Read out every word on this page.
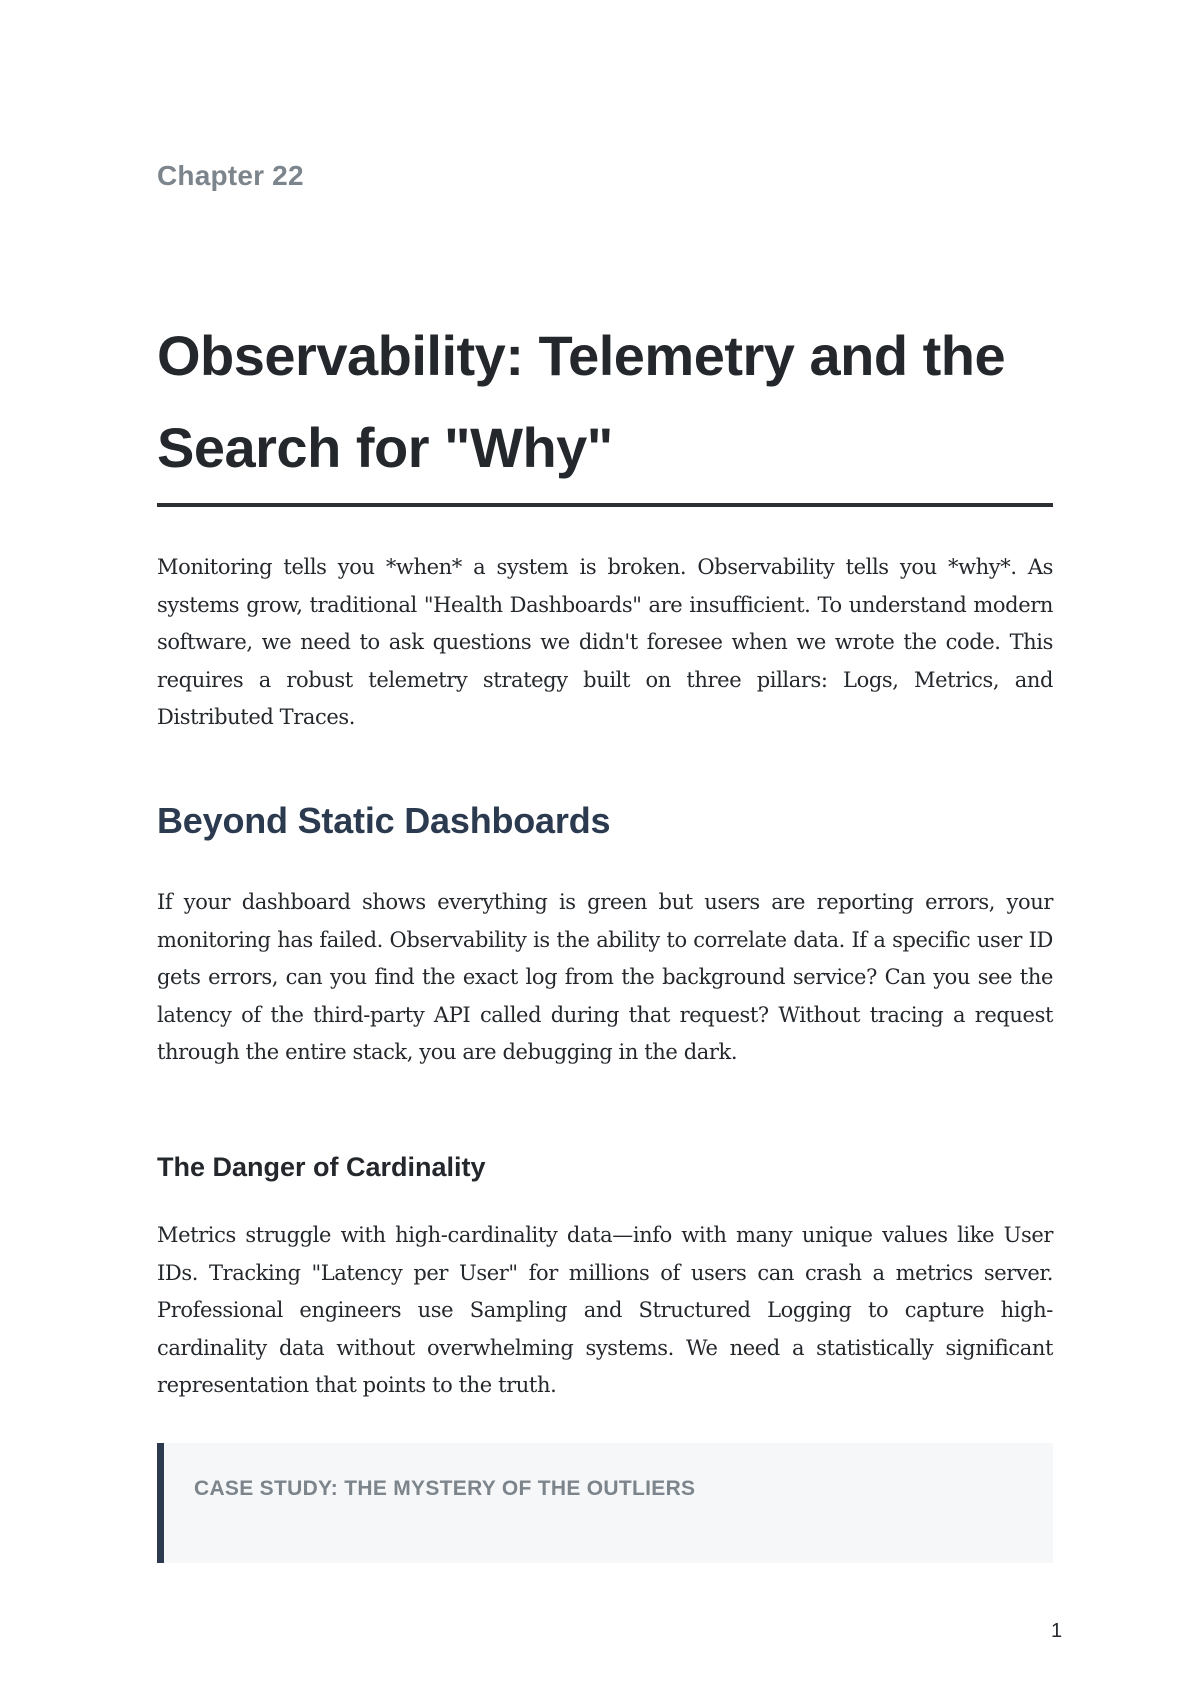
Chapter 22
Observability: Telemetry and the Search for "Why"

Monitoring tells you *when* a system is broken. Observability tells you *why*. As systems grow, traditional "Health Dashboards" are insufficient. To understand modern software, we need to ask questions we didn't foresee when we wrote the code. This requires a robust telemetry strategy built on three pillars: Logs, Metrics, and Distributed Traces.

Beyond Static Dashboards

If your dashboard shows everything is green but users are reporting errors, your monitoring has failed. Observability is the ability to correlate data. If a specific user ID gets errors, can you find the exact log from the background service? Can you see the latency of the third-party API called during that request? Without tracing a request through the entire stack, you are debugging in the dark.

The Danger of Cardinality

Metrics struggle with high-cardinality data—info with many unique values like User IDs. Tracking "Latency per User" for millions of users can crash a metrics server. Professional engineers use Sampling and Structured Logging to capture high-cardinality data without overwhelming systems. We need a statistically significant representation that points to the truth.

CASE STUDY: THE MYSTERY OF THE OUTLIERS
1
